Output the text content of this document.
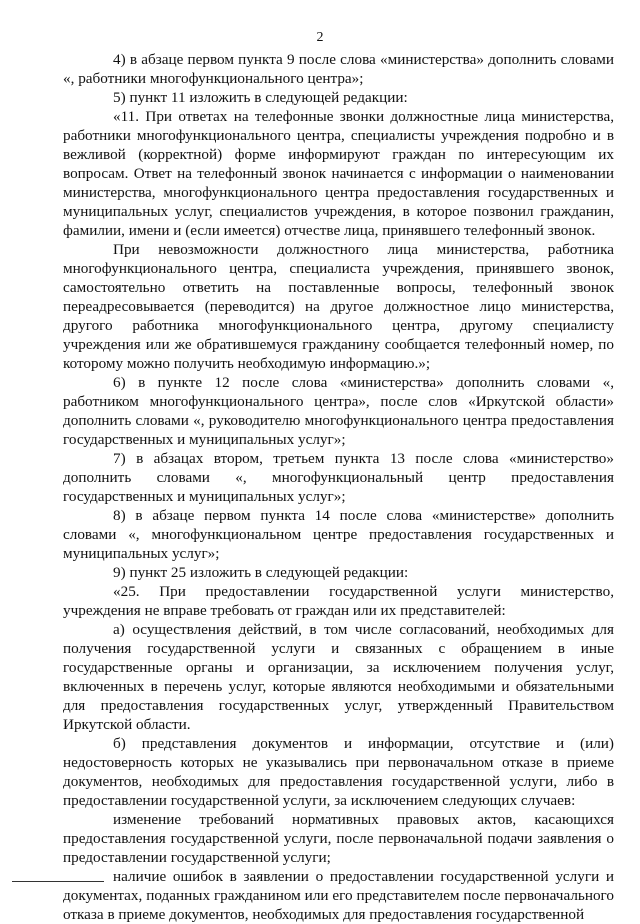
2

4) в абзаце первом пункта 9 после слова «министерства» дополнить словами «, работники многофункционального центра»;

5) пункт 11 изложить в следующей редакции:

«11. При ответах на телефонные звонки должностные лица министерства, работники многофункционального центра, специалисты учреждения подробно и в вежливой (корректной) форме информируют граждан по интересующим их вопросам. Ответ на телефонный звонок начинается с информации о наименовании министерства, многофункционального центра предоставления государственных и муниципальных услуг, специалистов учреждения, в которое позвонил гражданин, фамилии, имени и (если имеется) отчестве лица, принявшего телефонный звонок.

При невозможности должностного лица министерства, работника многофункционального центра, специалиста учреждения, принявшего звонок, самостоятельно ответить на поставленные вопросы, телефонный звонок переадресовывается (переводится) на другое должностное лицо министерства, другого работника многофункционального центра, другому специалисту учреждения или же обратившемуся гражданину сообщается телефонный номер, по которому можно получить необходимую информацию.»;

6) в пункте 12 после слова «министерства» дополнить словами «, работником многофункционального центра», после слов «Иркутской области» дополнить словами «, руководителю многофункционального центра предоставления государственных и муниципальных услуг»;

7) в абзацах втором, третьем пункта 13 после слова «министерство» дополнить словами «, многофункциональный центр предоставления государственных и муниципальных услуг»;

8) в абзаце первом пункта 14 после слова «министерстве» дополнить словами «, многофункциональном центре предоставления государственных и муниципальных услуг»;

9) пункт 25 изложить в следующей редакции:

«25. При предоставлении государственной услуги министерство, учреждения не вправе требовать от граждан или их представителей:

а) осуществления действий, в том числе согласований, необходимых для получения государственной услуги и связанных с обращением в иные государственные органы и организации, за исключением получения услуг, включенных в перечень услуг, которые являются необходимыми и обязательными для предоставления государственных услуг, утвержденный Правительством Иркутской области.

б) представления документов и информации, отсутствие и (или) недостоверность которых не указывались при первоначальном отказе в приеме документов, необходимых для предоставления государственной услуги, либо в предоставлении государственной услуги, за исключением следующих случаев:

изменение требований нормативных правовых актов, касающихся предоставления государственной услуги, после первоначальной подачи заявления о предоставлении государственной услуги;

наличие ошибок в заявлении о предоставлении государственной услуги и документах, поданных гражданином или его представителем после первоначального отказа в приеме документов, необходимых для предоставления государственной
